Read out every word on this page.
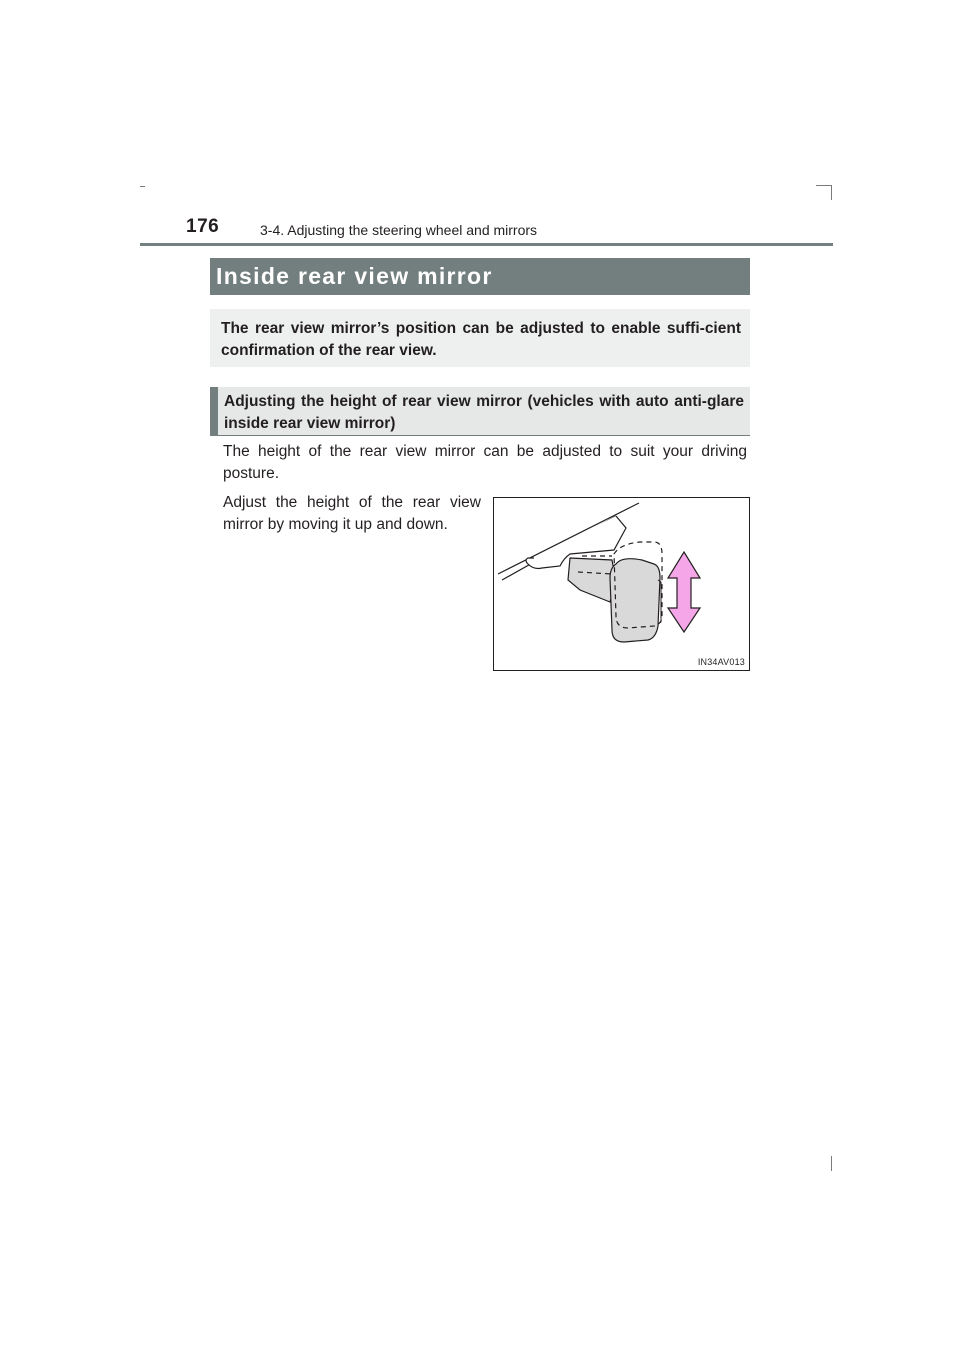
176	3-4. Adjusting the steering wheel and mirrors
Inside rear view mirror
The rear view mirror’s position can be adjusted to enable suffi-cient confirmation of the rear view.
Adjusting the height of rear view mirror (vehicles with auto anti-glare inside rear view mirror)
The height of the rear view mirror can be adjusted to suit your driving posture.
Adjust the height of the rear view mirror by moving it up and down.
IN34AV013
